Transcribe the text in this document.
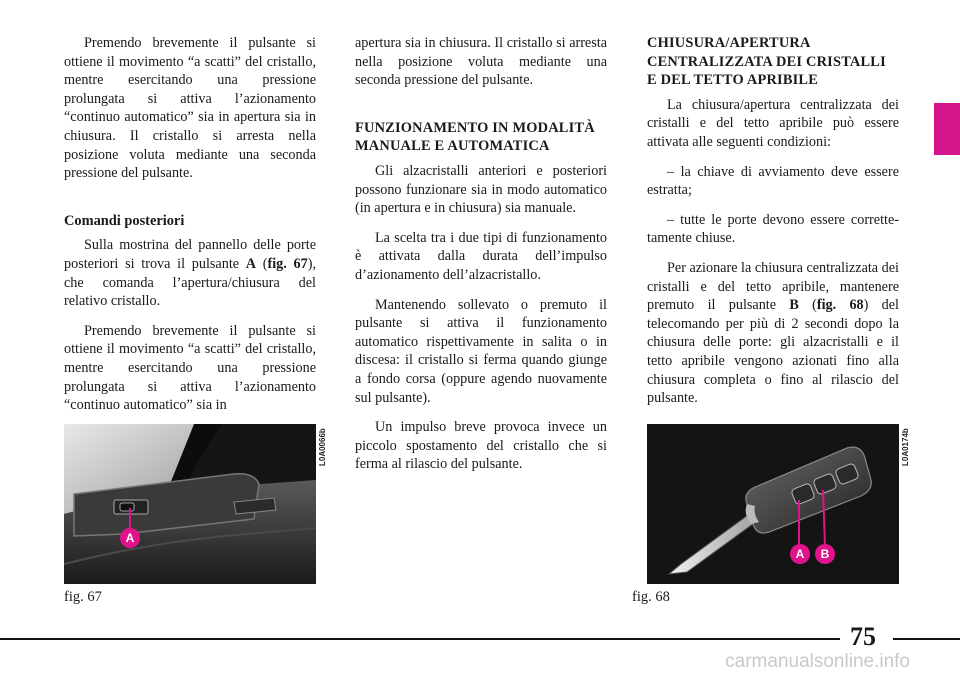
Premendo brevemente il pulsante si ottiene il movimento “a scatti” del cristallo, mentre esercitando una pressione prolungata si attiva l’azionamento “continuo automatico” sia in apertura sia in chiusura. Il cristallo si arresta nella posizione voluta mediante una seconda pressione del pulsante.

Comandi posteriori

Sulla mostrina del pannello delle porte posteriori si trova il pulsante A (fig. 67), che comanda l’apertura/chiusura del relativo cristallo.

Premendo brevemente il pulsante si ottiene il movimento “a scatti” del cristallo, mentre esercitando una pressione prolungata si attiva l’azionamento “continuo automatico” sia in

apertura sia in chiusura. Il cristallo si arresta nella posizione voluta mediante una seconda pressione del pulsante.

FUNZIONAMENTO IN MODALITÀ MANUALE E AUTOMATICA

Gli alzacristalli anteriori e posteriori possono funzionare sia in modo automatico (in apertura e in chiusura) sia manuale.

La scelta tra i due tipi di funzionamento è attivata dalla durata dell’impulso d’azionamento dell’alzacristallo.

Mantenendo sollevato o premuto il pulsante si attiva il funzionamento automatico rispettivamente in salita o in discesa: il cristallo si ferma quando giunge a fondo corsa (oppure agendo nuovamente sul pulsante).

Un impulso breve provoca invece un piccolo spostamento del cristallo che si ferma al rilascio del pulsante.

CHIUSURA/APERTURA CENTRALIZZATA DEI CRISTALLI E DEL TETTO APRIBILE

La chiusura/apertura centralizzata dei cristalli e del tetto apribile può essere attivata alle seguenti condizioni:

– la chiave di avviamento deve essere estratta;

– tutte le porte devono essere correttetamente chiuse.

Per azionare la chiusura centralizzata dei cristalli e del tetto apribile, mantenere premuto il pulsante B (fig. 68) del telecomando per più di 2 secondi dopo la chiusura delle porte: gli alzacristalli e il tetto apribile vengono azionati fino alla chiusura completa o fino al rilascio del pulsante.

A
L0A0066b
fig. 67
A	B
L0A0174b
fig. 68
75
carmanualsonline.info
